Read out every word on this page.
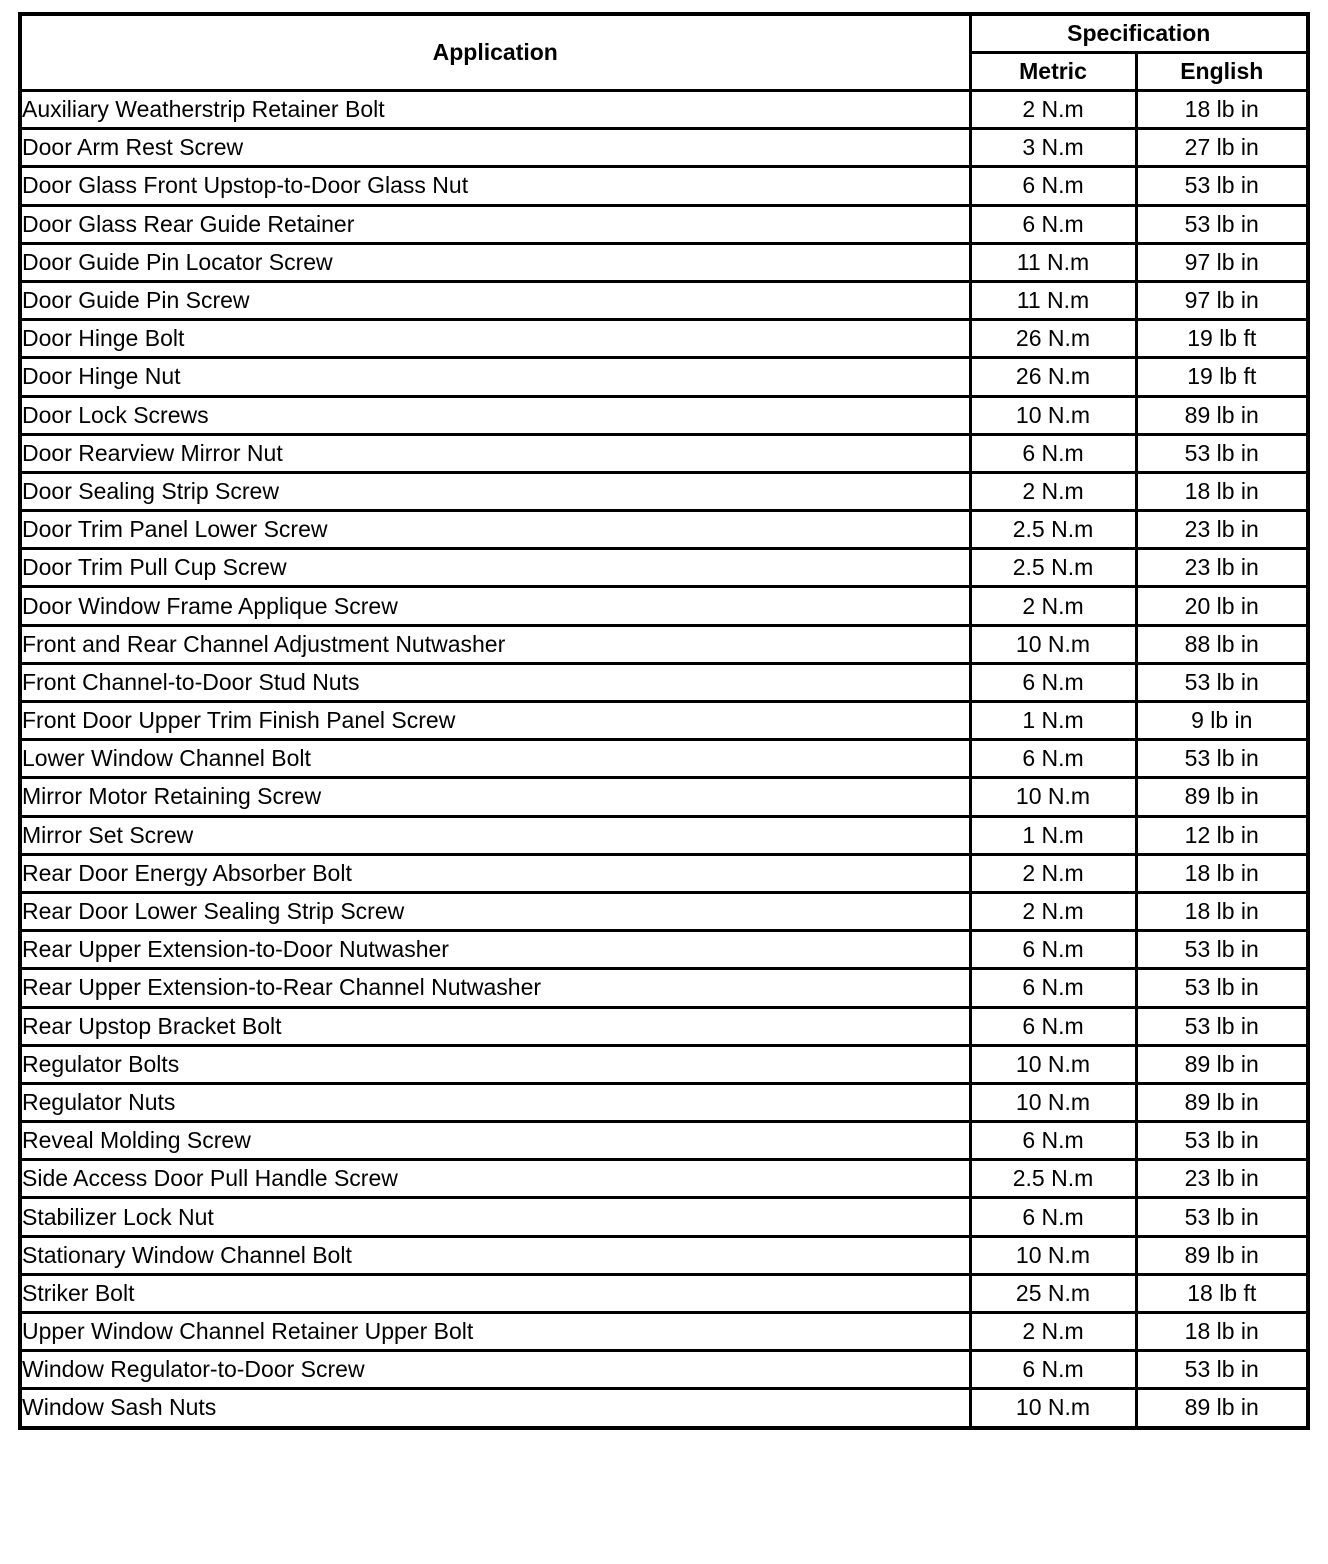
Application	Specification	
	Metric	English
Auxiliary Weatherstrip Retainer Bolt	2 N.m	18 lb in
Door Arm Rest Screw	3 N.m	27 lb in
Door Glass Front Upstop-to-Door Glass Nut	6 N.m	53 lb in
Door Glass Rear Guide Retainer	6 N.m	53 lb in
Door Guide Pin Locator Screw	11 N.m	97 lb in
Door Guide Pin Screw	11 N.m	97 lb in
Door Hinge Bolt	26 N.m	19 lb ft
Door Hinge Nut	26 N.m	19 lb ft
Door Lock Screws	10 N.m	89 lb in
Door Rearview Mirror Nut	6 N.m	53 lb in
Door Sealing Strip Screw	2 N.m	18 lb in
Door Trim Panel Lower Screw	2.5 N.m	23 lb in
Door Trim Pull Cup Screw	2.5 N.m	23 lb in
Door Window Frame Applique Screw	2 N.m	20 lb in
Front and Rear Channel Adjustment Nutwasher	10 N.m	88 lb in
Front Channel-to-Door Stud Nuts	6 N.m	53 lb in
Front Door Upper Trim Finish Panel Screw	1 N.m	9 lb in
Lower Window Channel Bolt	6 N.m	53 lb in
Mirror Motor Retaining Screw	10 N.m	89 lb in
Mirror Set Screw	1 N.m	12 lb in
Rear Door Energy Absorber Bolt	2 N.m	18 lb in
Rear Door Lower Sealing Strip Screw	2 N.m	18 lb in
Rear Upper Extension-to-Door Nutwasher	6 N.m	53 lb in
Rear Upper Extension-to-Rear Channel Nutwasher	6 N.m	53 lb in
Rear Upstop Bracket Bolt	6 N.m	53 lb in
Regulator Bolts	10 N.m	89 lb in
Regulator Nuts	10 N.m	89 lb in
Reveal Molding Screw	6 N.m	53 lb in
Side Access Door Pull Handle Screw	2.5 N.m	23 lb in
Stabilizer Lock Nut	6 N.m	53 lb in
Stationary Window Channel Bolt	10 N.m	89 lb in
Striker Bolt	25 N.m	18 lb ft
Upper Window Channel Retainer Upper Bolt	2 N.m	18 lb in
Window Regulator-to-Door Screw	6 N.m	53 lb in
Window Sash Nuts	10 N.m	89 lb in
